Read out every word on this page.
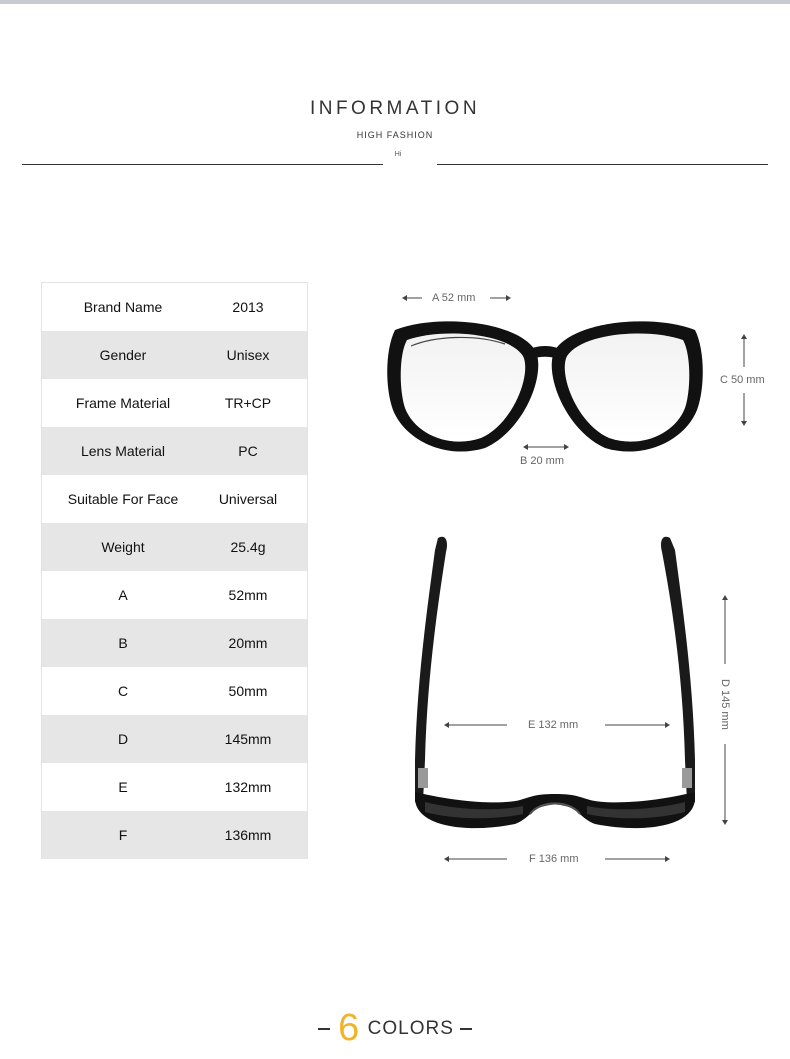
INFORMATION
HIGH FASHION
Hi
Brand Name	2013
Gender	Unisex
Frame Material	TR+CP
Lens Material	PC
Suitable For Face	Universal
Weight	25.4g
A	52mm
B	20mm
C	50mm
D	145mm
E	132mm
F	136mm
A 52 mm
B 20 mm
C 50 mm
D 145 mm
E 132 mm
F 136 mm
6 COLORS
